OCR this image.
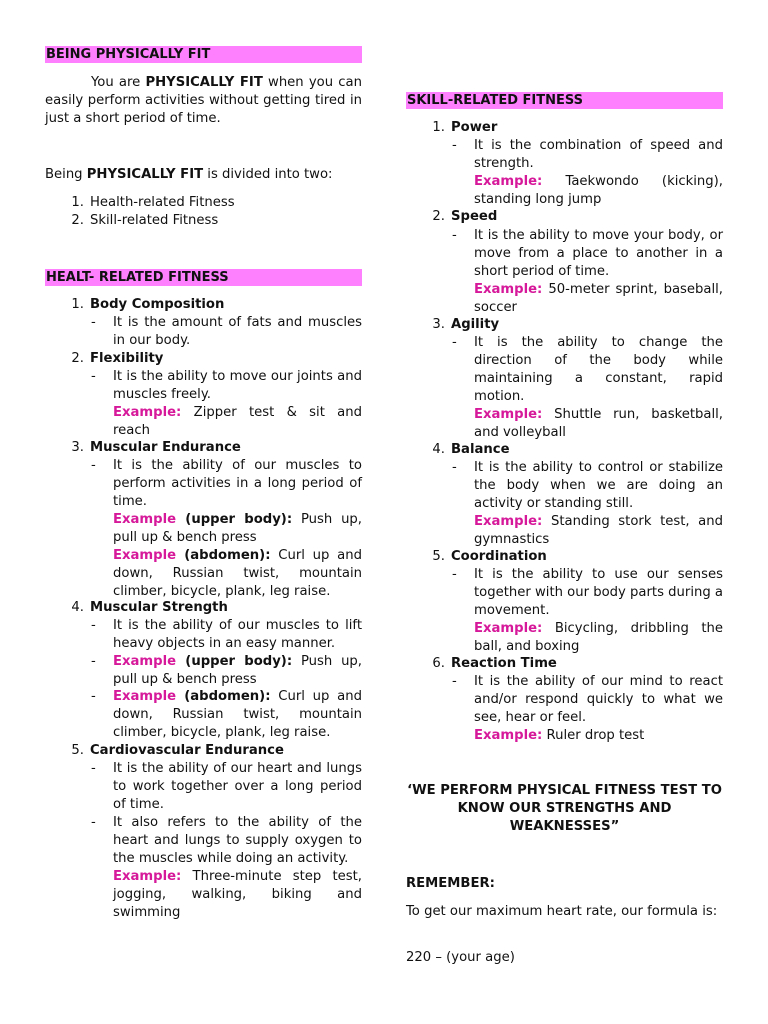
BEING PHYSICALLY FIT
You are PHYSICALLY FIT when you can easily perform activities without getting tired in just a short period of time.
Being PHYSICALLY FIT is divided into two:
1. Health-related Fitness
2. Skill-related Fitness
HEALT- RELATED FITNESS
1. Body Composition
- It is the amount of fats and muscles in our body.
2. Flexibility
- It is the ability to move our joints and muscles freely.
Example: Zipper test & sit and reach
3. Muscular Endurance
- It is the ability of our muscles to perform activities in a long period of time.
Example (upper body): Push up, pull up & bench press
Example (abdomen): Curl up and down, Russian twist, mountain climber, bicycle, plank, leg raise.
4. Muscular Strength
- It is the ability of our muscles to lift heavy objects in an easy manner.
- Example (upper body): Push up, pull up & bench press
- Example (abdomen): Curl up and down, Russian twist, mountain climber, bicycle, plank, leg raise.
5. Cardiovascular Endurance
- It is the ability of our heart and lungs to work together over a long period of time.
- It also refers to the ability of the heart and lungs to supply oxygen to the muscles while doing an activity.
Example: Three-minute step test, jogging, walking, biking and swimming
SKILL-RELATED FITNESS
1. Power
- It is the combination of speed and strength.
Example: Taekwondo (kicking), standing long jump
2. Speed
- It is the ability to move your body, or move from a place to another in a short period of time.
Example: 50-meter sprint, baseball, soccer
3. Agility
- It is the ability to change the direction of the body while maintaining a constant, rapid motion.
Example: Shuttle run, basketball, and volleyball
4. Balance
- It is the ability to control or stabilize the body when we are doing an activity or standing still.
Example: Standing stork test, and gymnastics
5. Coordination
- It is the ability to use our senses together with our body parts during a movement.
Example: Bicycling, dribbling the ball, and boxing
6. Reaction Time
- It is the ability of our mind to react and/or respond quickly to what we see, hear or feel.
Example: Ruler drop test
‘WE PERFORM PHYSICAL FITNESS TEST TO KNOW OUR STRENGTHS AND WEAKNESSES”
REMEMBER:
To get our maximum heart rate, our formula is:
220 – (your age)
